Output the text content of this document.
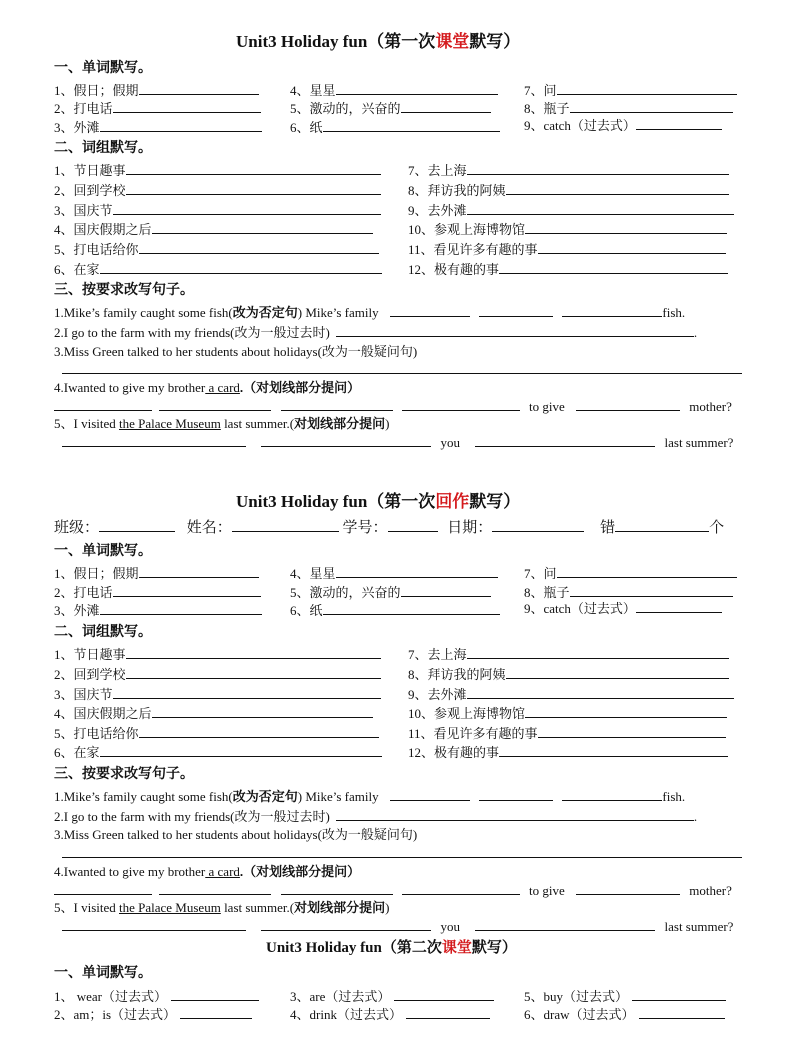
Unit3 Holiday fun（第一次课堂默写）
一、单词默写。
1、假日；假期
2、打电话
3、外滩
4、星星
5、激动的，兴奋的
6、纸
7、问
8、瓶子
9、catch（过去式）
二、词组默写。
1、节日趣事
2、回到学校
3、国庆节
4、国庆假期之后
5、打电话给你
6、在家
7、去上海
8、拜访我的阿姨
9、去外滩
10、参观上海博物馆
11、看见许多有趣的事
12、极有趣的事
三、按要求改写句子。
1.Mike’s family caught some fish(改为否定句) Mike’s family	fish.
2.I go to the farm with my friends(改为一般过去时)	.
3.Miss Green talked to her students about holidays(改为一般疑问句)
4.Iwanted to give my brother a card.（对划线部分提问）
to give	mother?
5、I visited the Palace Museum last summer.(对划线部分提问)
you	last summer?
Unit3 Holiday fun（第一次回作默写）
班级：	姓名：	学号：	日期：	错	个
一、单词默写。
1、假日；假期
2、打电话
3、外滩
4、星星
5、激动的，兴奋的
6、纸
7、问
8、瓶子
9、catch（过去式）
二、词组默写。
1、节日趣事
2、回到学校
3、国庆节
4、国庆假期之后
5、打电话给你
6、在家
7、去上海
8、拜访我的阿姨
9、去外滩
10、参观上海博物馆
11、看见许多有趣的事
12、极有趣的事
三、按要求改写句子。
1.Mike’s family caught some fish(改为否定句) Mike’s family	fish.
2.I go to the farm with my friends(改为一般过去时)	.
3.Miss Green talked to her students about holidays(改为一般疑问句)
4.Iwanted to give my brother a card.（对划线部分提问）
to give	mother?
5、I visited the Palace Museum last summer.(对划线部分提问)
you	last summer?
Unit3 Holiday fun（第二次课堂默写）
一、单词默写。
1、 wear（过去式）
2、am；is（过去式）
3、are（过去式）
4、drink（过去式）
5、buy（过去式）
6、draw（过去式）
